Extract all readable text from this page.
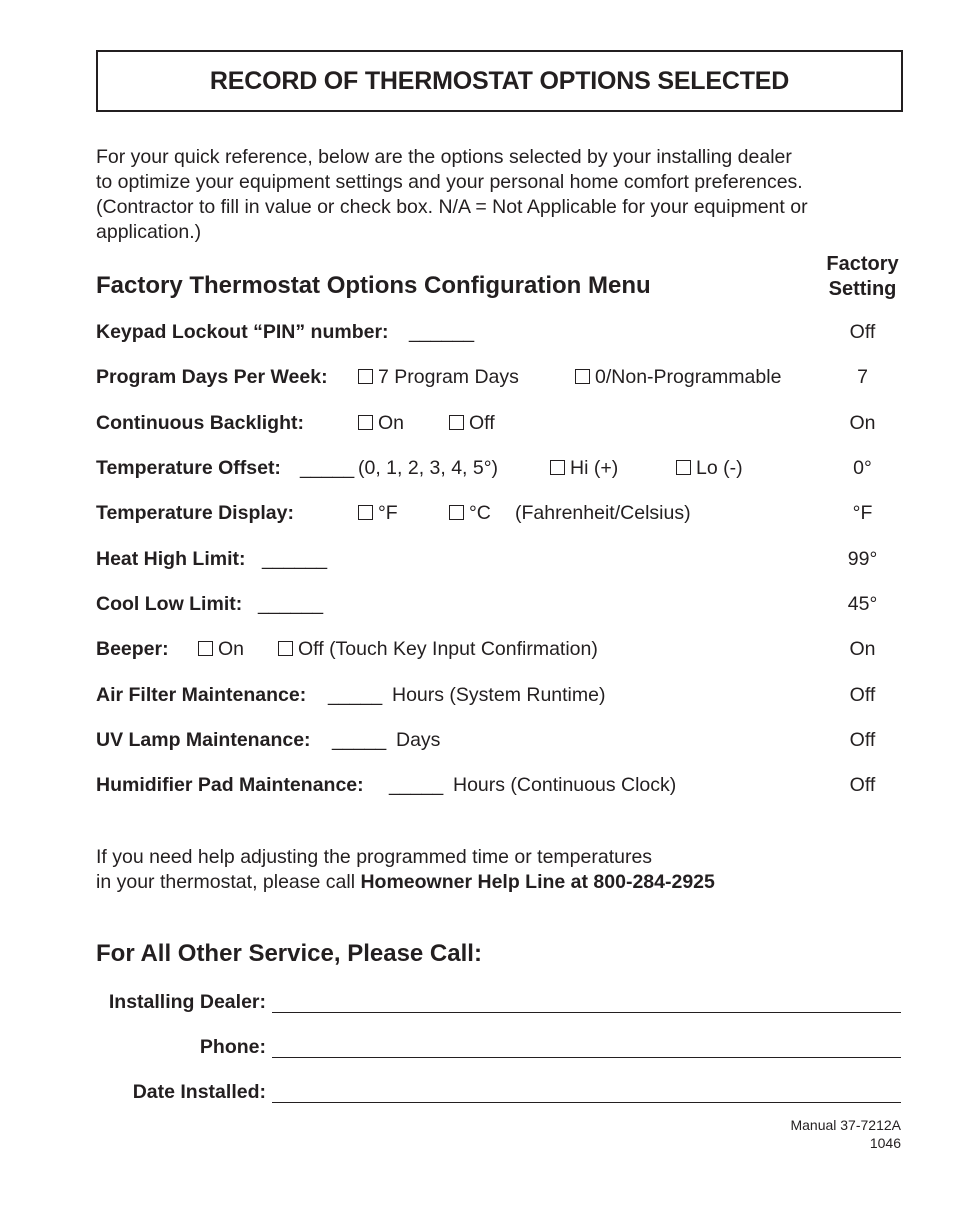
RECORD OF THERMOSTAT OPTIONS SELECTED
For your quick reference, below are the options selected by your installing dealer
to optimize your equipment settings and your personal home comfort preferences.
(Contractor to fill in value or check box. N/A = Not Applicable for your equipment or
application.)
Factory Thermostat Options Configuration Menu
Factory
Setting
Keypad Lockout “PIN” number: ______	Off
Program Days Per Week:	7 Program Days	0/Non-Programmable	7
Continuous Backlight:	On	Off	On
Temperature Offset: _____ (0, 1, 2, 3, 4, 5°)	Hi (+)	Lo (-)	0°
Temperature Display:	°F	°C (Fahrenheit/Celsius)	°F
Heat High Limit: ______	99°
Cool Low Limit: ______	45°
Beeper:	On	Off (Touch Key Input Confirmation)	On
Air Filter Maintenance: _____ Hours (System Runtime)	Off
UV Lamp Maintenance: _____ Days	Off
Humidifier Pad Maintenance: _____ Hours (Continuous Clock)	Off
If you need help adjusting the programmed time or temperatures
in your thermostat, please call Homeowner Help Line at 800-284-2925
For All Other Service, Please Call:
Installing Dealer:
Phone:
Date Installed:
Manual 37-7212A
1046
